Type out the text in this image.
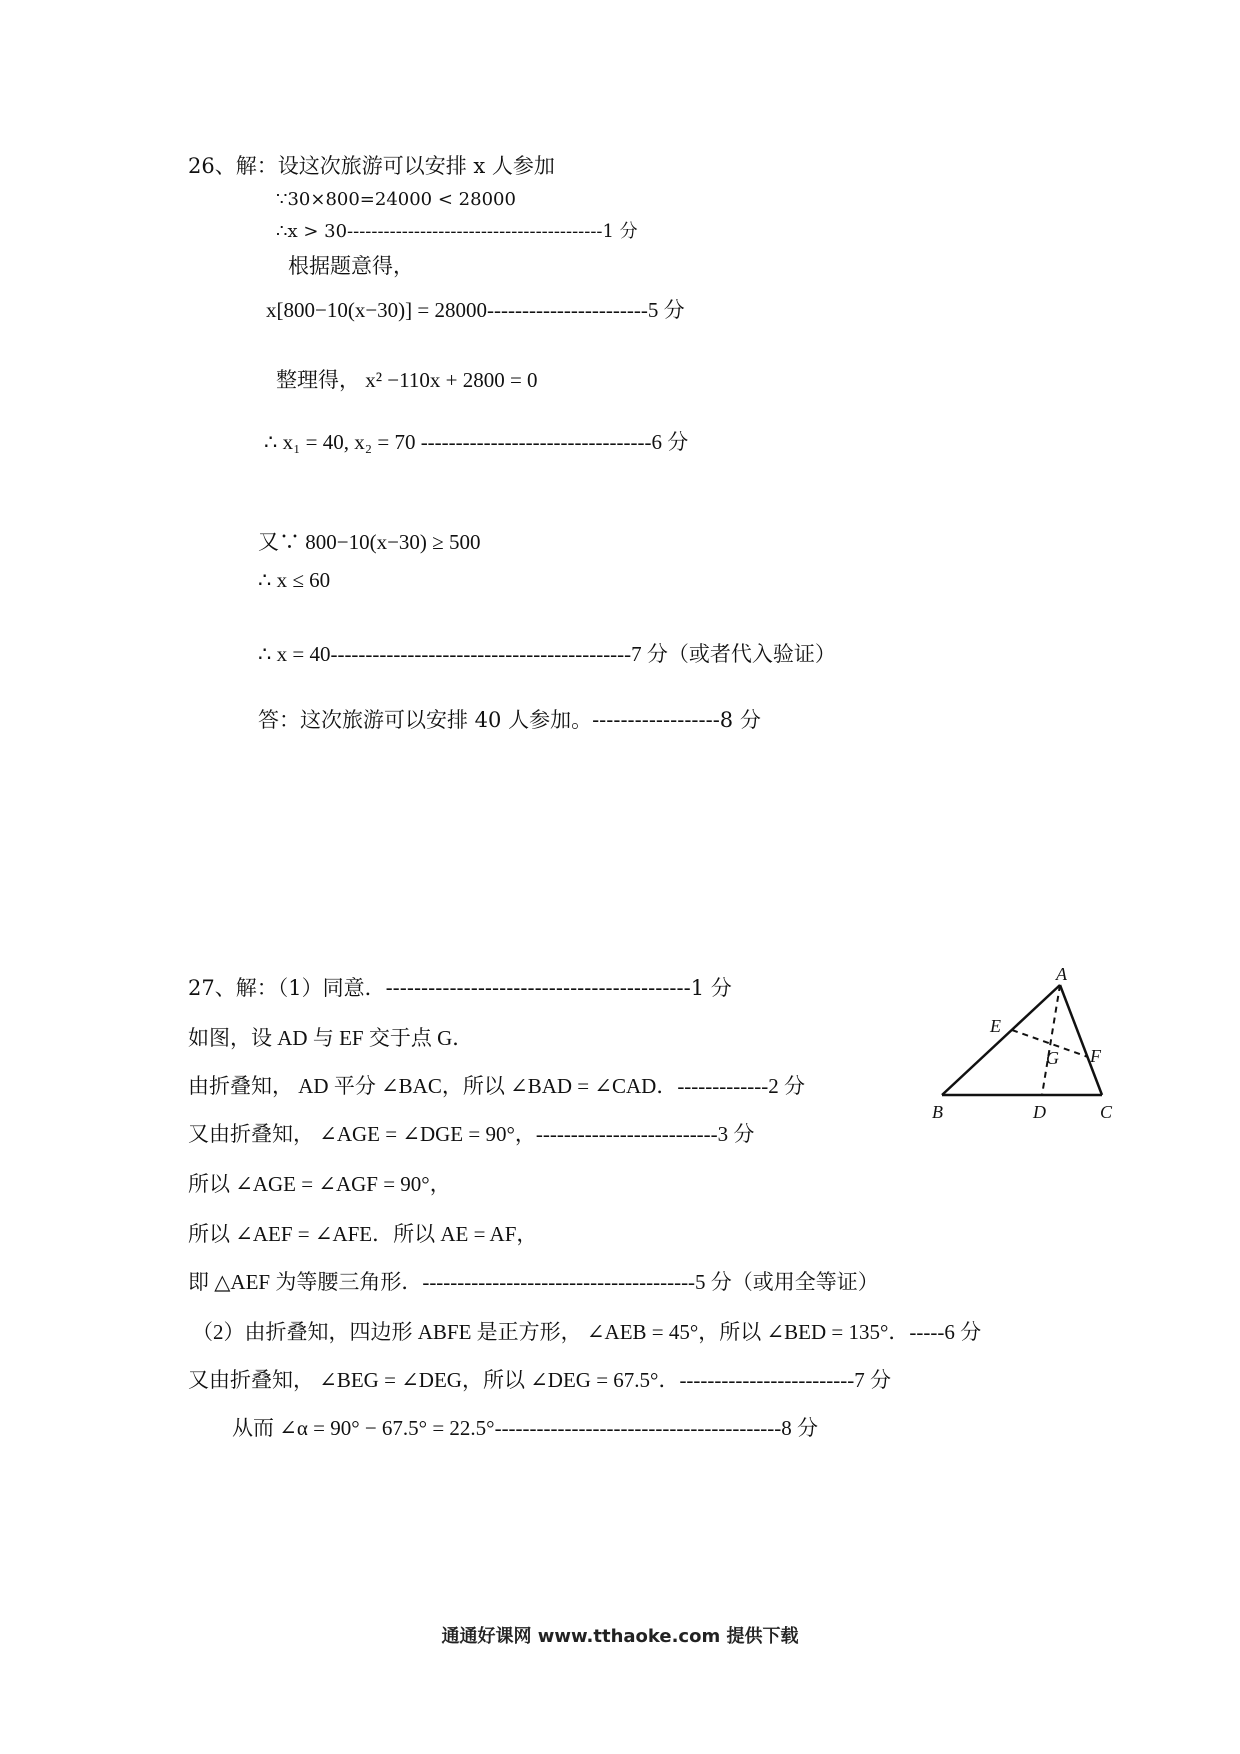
26、解：设这次旅游可以安排 x 人参加
∵30×800=24000 < 28000
∴x > 30------------------------------------------1 分
根据题意得，
x[800−10(x−30)] = 28000-----------------------5 分
整理得， x² −110x + 2800 = 0
∴ x₁ = 40, x₂ = 70 ---------------------------------6 分
又∵ 800−10(x−30) ≥ 500
∴ x ≤ 60
∴ x = 40-------------------------------------------7 分（或者代入验证）
答：这次旅游可以安排 40 人参加。------------------8 分
27、解：（1）同意．-------------------------------------------1 分
如图，设 AD 与 EF 交于点 G．
由折叠知， AD 平分 ∠BAC，所以 ∠BAD = ∠CAD．-------------2 分
又由折叠知， ∠AGE = ∠DGE = 90°，--------------------------3 分
所以 ∠AGE = ∠AGF = 90°，
所以 ∠AEF = ∠AFE．所以 AE = AF，
即 △AEF 为等腰三角形．---------------------------------------5 分（或用全等证）
（2）由折叠知，四边形 ABFE 是正方形， ∠AEB = 45°，所以 ∠BED = 135°．-----6 分
又由折叠知， ∠BEG = ∠DEG，所以 ∠DEG = 67.5°．-------------------------7 分
从而 ∠α = 90° − 67.5° = 22.5°-----------------------------------------8 分
A
B	C
D
E
F
G
通通好课网 www.tthaoke.com 提供下载
